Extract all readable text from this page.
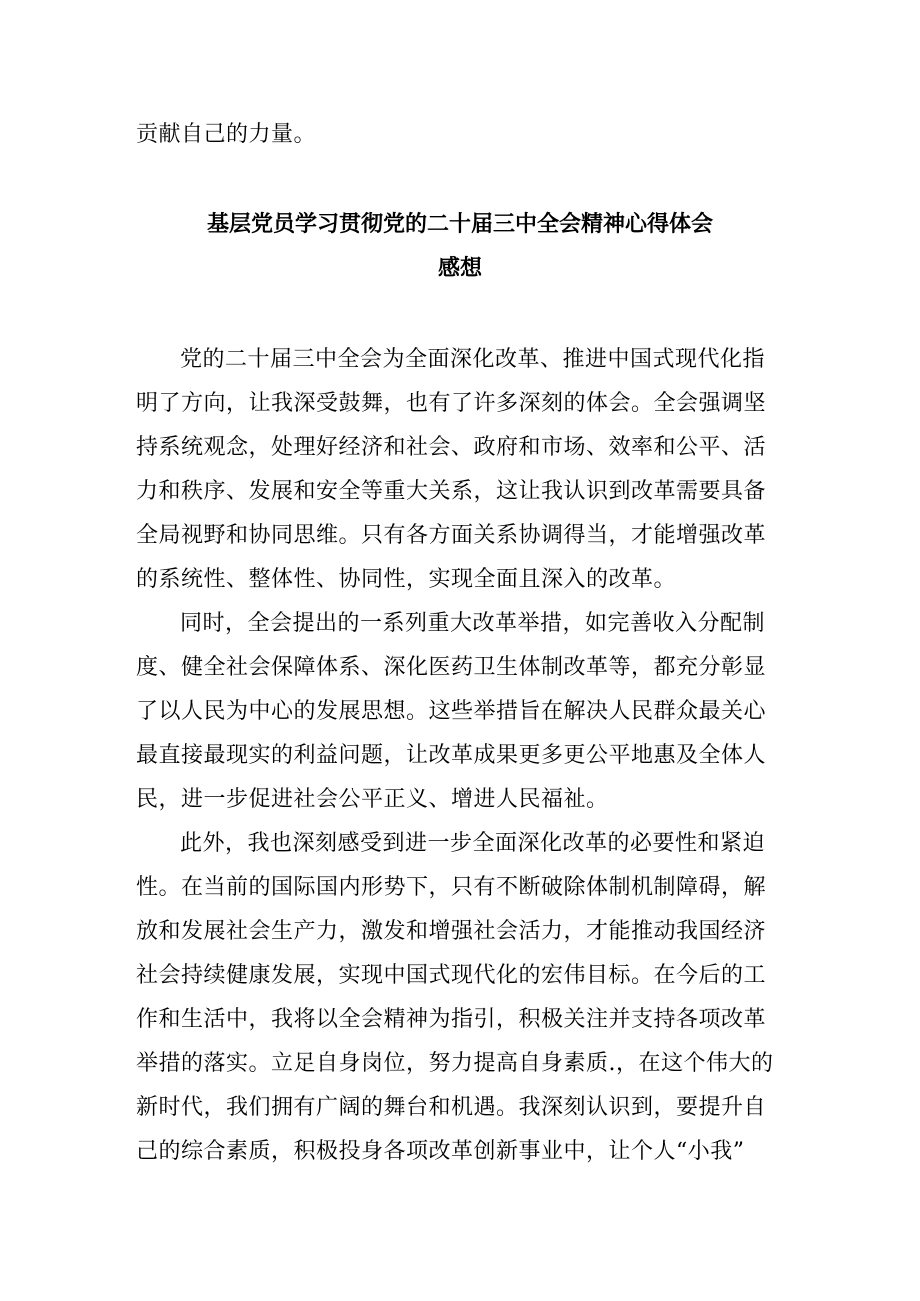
贡献自己的力量。
基层党员学习贯彻党的二十届三中全会精神心得体会
感想
党的二十届三中全会为全面深化改革、推进中国式现代化指
明了方向，让我深受鼓舞，也有了许多深刻的体会。全会强调坚
持系统观念，处理好经济和社会、政府和市场、效率和公平、活
力和秩序、发展和安全等重大关系，这让我认识到改革需要具备
全局视野和协同思维。只有各方面关系协调得当，才能增强改革
的系统性、整体性、协同性，实现全面且深入的改革。
同时，全会提出的一系列重大改革举措，如完善收入分配制
度、健全社会保障体系、深化医药卫生体制改革等，都充分彰显
了以人民为中心的发展思想。这些举措旨在解决人民群众最关心
最直接最现实的利益问题，让改革成果更多更公平地惠及全体人
民，进一步促进社会公平正义、增进人民福祉。
此外，我也深刻感受到进一步全面深化改革的必要性和紧迫
性。在当前的国际国内形势下，只有不断破除体制机制障碍，解
放和发展社会生产力，激发和增强社会活力，才能推动我国经济
社会持续健康发展，实现中国式现代化的宏伟目标。在今后的工
作和生活中，我将以全会精神为指引，积极关注并支持各项改革
举措的落实。立足自身岗位，努力提高自身素质.，在这个伟大的
新时代，我们拥有广阔的舞台和机遇。我深刻认识到，要提升自
己的综合素质，积极投身各项改革创新事业中，让个人“小我”
